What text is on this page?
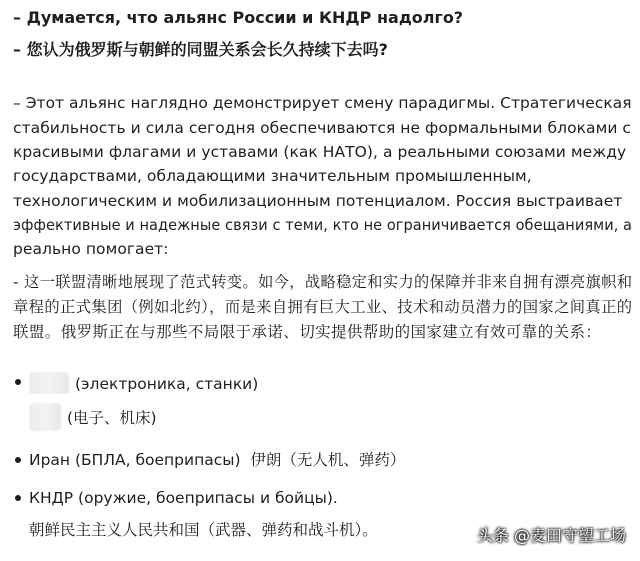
– Думается, что альянс России и КНДР надолго?
– 您认为俄罗斯与朝鲜的同盟关系会长久持续下去吗?
– Этот альянс наглядно демонстрирует смену парадигмы. Стратегическая
стабильность и сила сегодня обеспечиваются не формальными блоками с
красивыми флагами и уставами (как НАТО), а реальными союзами между
государствами, обладающими значительным промышленным,
технологическим и мобилизационным потенциалом. Россия выстраивает
эффективные и надежные связи с теми, кто не ограничивается обещаниями, а
реально помогает:
- 这一联盟清晰地展现了范式转变。如今，战略稳定和实力的保障并非来自拥有漂亮旗帜和
章程的正式集团（例如北约），而是来自拥有巨大工业、技术和动员潜力的国家之间真正的
联盟。俄罗斯正在与那些不局限于承诺、切实提供帮助的国家建立有效可靠的关系：
(электроника, станки)
(电子、机床)
Иран (БПЛА, боеприпасы) 伊朗（无人机、弹药）
КНДР (оружие, боеприпасы и бойцы).
朝鲜民主主义人民共和国（武器、弹药和战斗机）。	头条 @麦田守望工场
